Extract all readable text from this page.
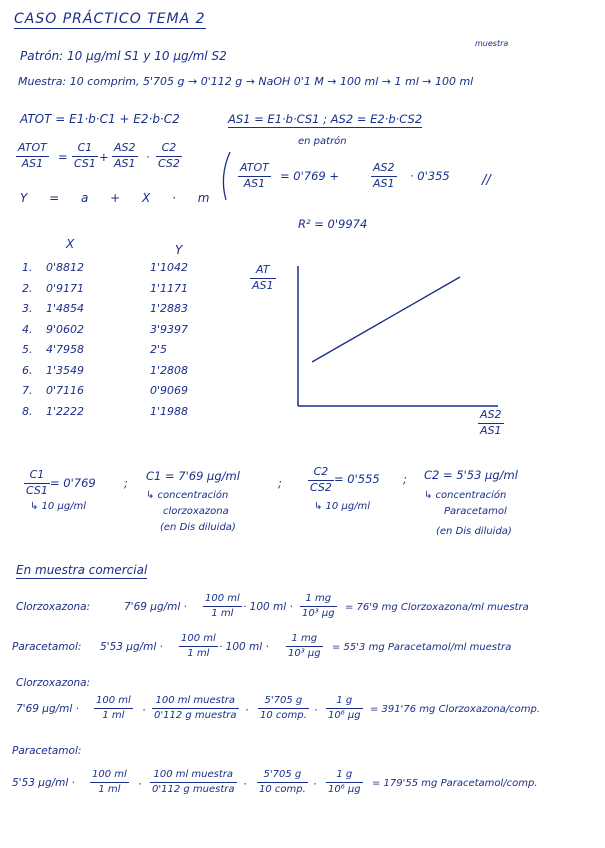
CASO PRÁCTICO TEMA 2
Patrón: 10 μg/ml S1 y 10 μg/ml S2
muestra
Muestra: 10 comprim, 5'705 g → 0'112 g → NaOH 0'1 M → 100 ml → 1 ml → 100 ml
ATOT = E1·b·C1 + E2·b·C2	AS1 = E1·b·CS1 ; AS2 = E2·b·CS2
en patrón
ATOT
AS1	= $\frac{C1}{CS1} + \frac{AS2}{AS1} \cdot \frac{C2}{CS2}$
Y = a + X · m
ATOT
AS1
= 0'769 +	$\frac{AS2}{AS1} \cdot 0'355$ //
R² = 0'9974
X	Y
1. 0'8812	1'1042
2. 0'9171	1'1171
3. 1'4854	1'2883
4. 9'0602	3'9397
5. 4'7958	2'5
6. 1'3549	1'2808
7. 0'7116	0'9069
8. 1'2222	1'1988
$\frac{AT}{AS1}$
$\frac{AS2}{AS1}$
$\frac{C1}{CS1} = 0'769$
↳ 10 μg/ml
; C1 = 7'69 μg/ml
↳ concentración
clorzoxazona
(en Dis diluida)
; $\frac{C2}{CS2} = 0'555$
↳ 10 μg/ml
; C2 = 5'53 μg/ml
↳ concentración
Paracetamol
(en Dis diluida)
En muestra comercial
Clorzoxazona:	7'69 $\mu g/ml \cdot \frac{100 ml}{1 ml} \cdot 100$ ml · $\frac{1 mg}{\text{10³ μg}} = 76'9$ mg Clorzoxazona/ml muestra
Paracetamol: 5'53 $\mu g/ml \cdot \frac{100 ml}{1 ml} \cdot 100$ ml · $\frac{1 mg}{\text{10³ μg}} = 55'3$ mg Paracetamol/ml muestra
Clorzoxazona:
7'69 $\mu g/ml \cdot \frac{100 ml}{1 ml}$ ·
100 ml muestra
0'112 g muestra ·
5'705 g
10 comp. · $\frac{1 g}{\text{10⁶ μg}} = 391'76$ mg Clorzoxazona/comp.
Paracetamol:
5'53 $\mu g/ml \cdot \frac{100 ml}{1 ml}$ ·
100 ml muestra
0'112 g muestra ·
5'705 g
10 comp. · $\frac{1 g}{\text{10⁶ μg}} = 179'55$ mg Paracetamol/comp.
